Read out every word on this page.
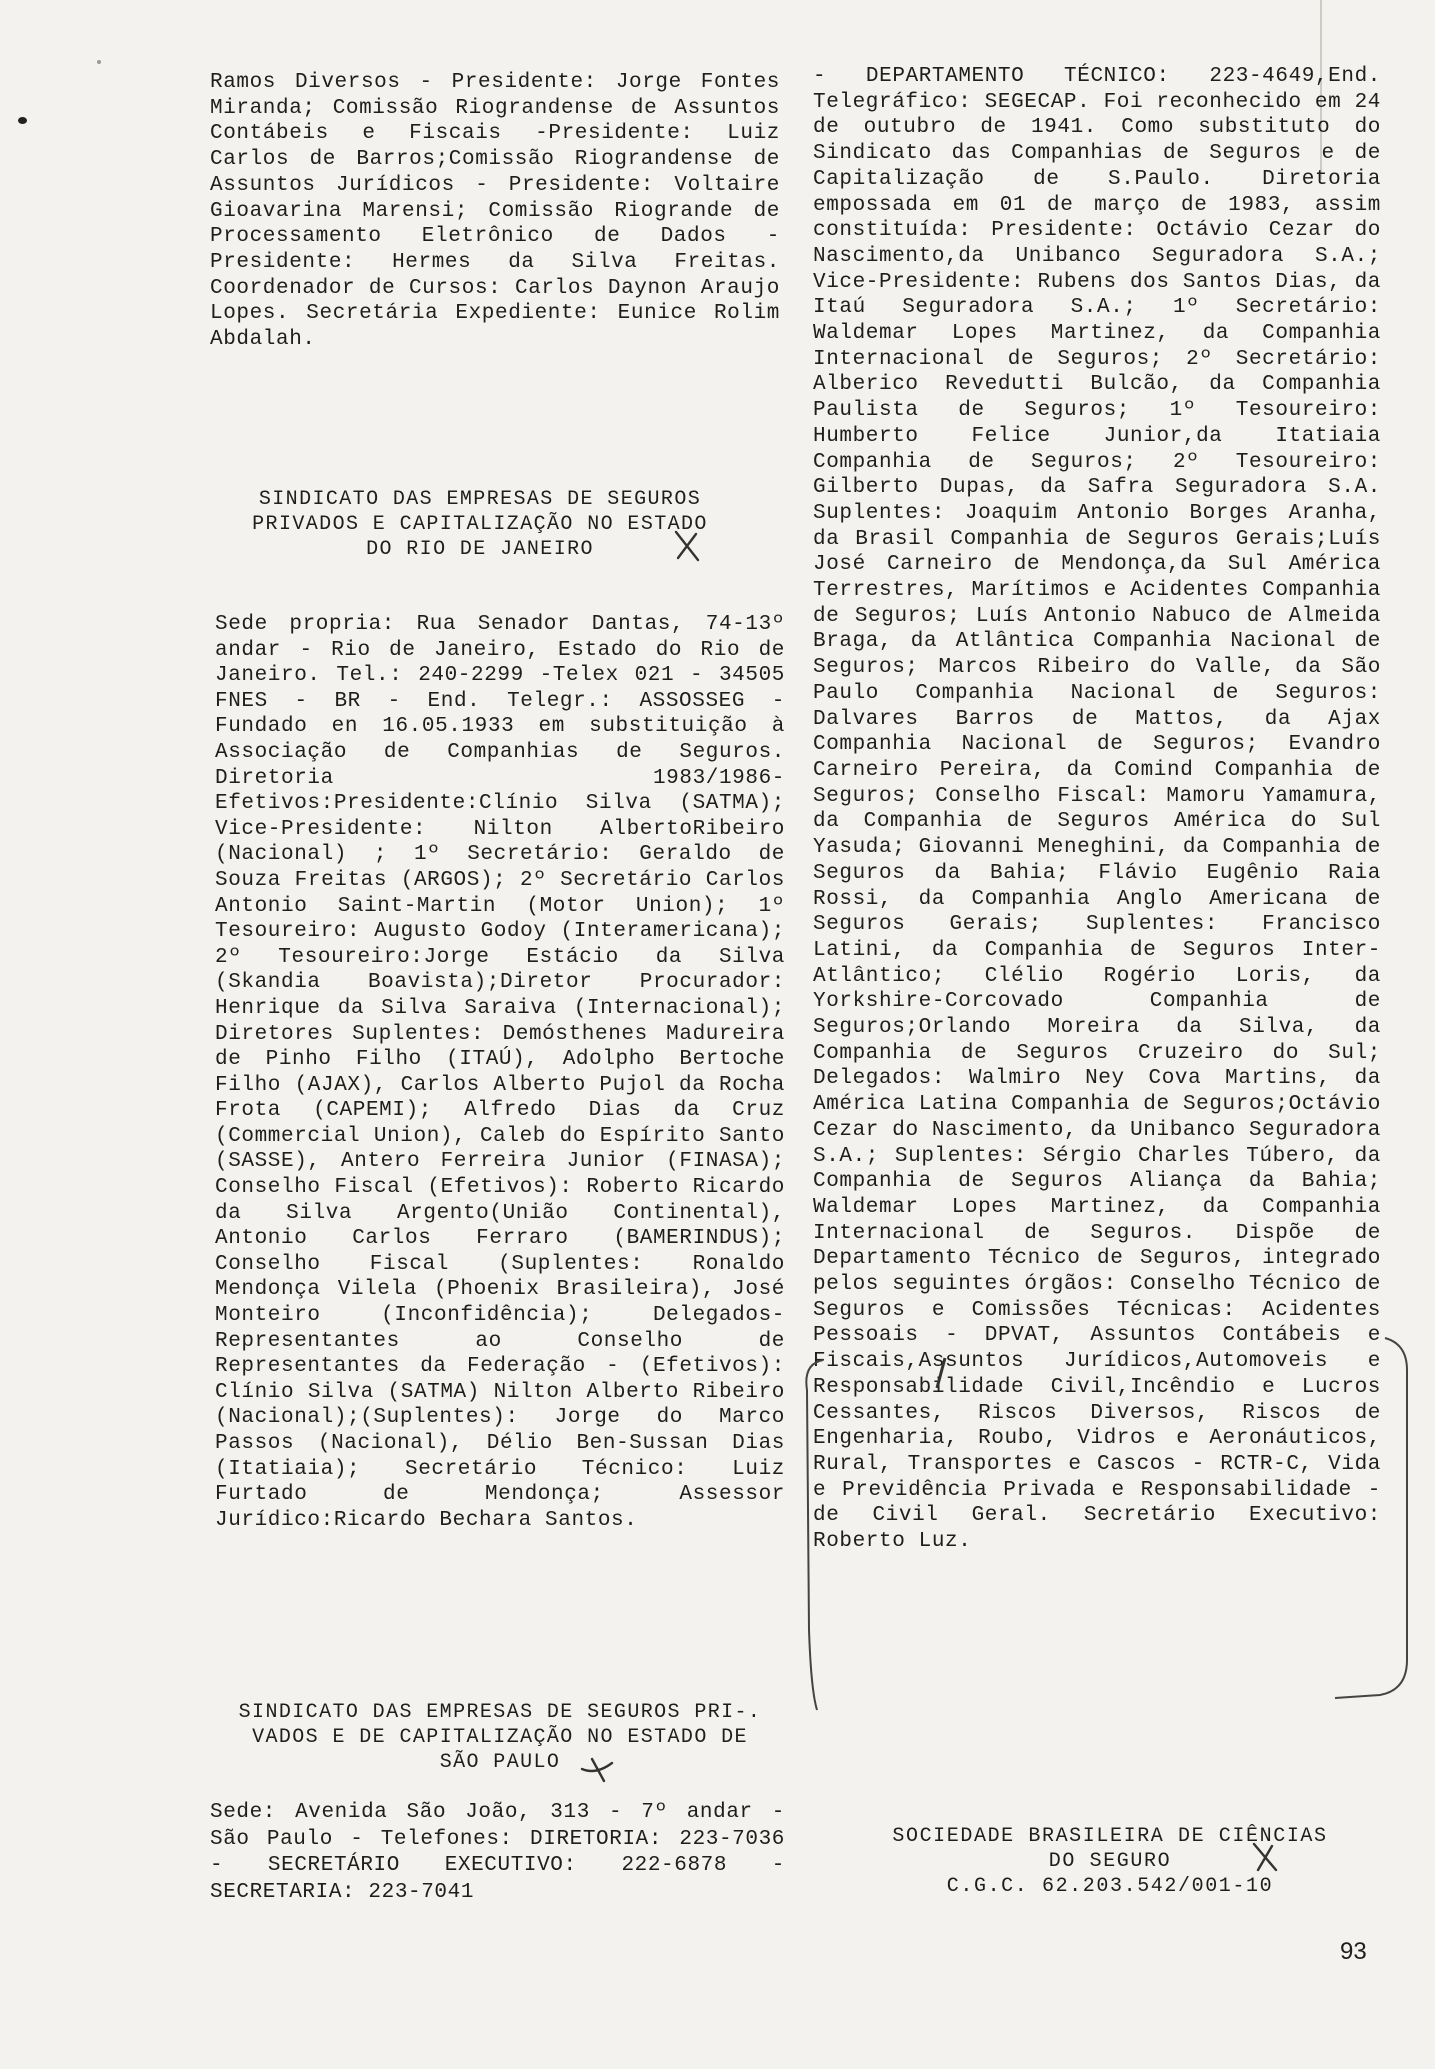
Ramos Diversos - Presidente: Jorge Fontes Miranda; Comissão Riograndense de Assuntos Contábeis e Fiscais -Presidente: Luiz Carlos de Barros;Comissão Riograndense de Assuntos Jurídicos - Presidente: Voltaire Gioavarina Marensi; Comissão Riogrande de Processamento Eletrônico de Dados - Presidente: Hermes da Silva Freitas. Coordenador de Cursos: Carlos Daynon Araujo Lopes. Secretária Expediente: Eunice Rolim Abdalah.

SINDICATO DAS EMPRESAS DE SEGUROS
PRIVADOS E CAPITALIZAÇÃO NO ESTADO
DO RIO DE JANEIRO

Sede propria: Rua Senador Dantas, 74-13º andar - Rio de Janeiro, Estado do Rio de Janeiro. Tel.: 240-2299 -Telex 021 - 34505 FNES - BR - End. Telegr.: ASSOSSEG - Fundado en 16.05.1933 em substituição à Associação de Companhias de Seguros. Diretoria 1983/1986-Efetivos:Presidente:Clínio Silva (SATMA); Vice-Presidente: Nilton AlbertoRibeiro (Nacional) ; 1º Secretário: Geraldo de Souza Freitas (ARGOS); 2º Secretário Carlos Antonio Saint-Martin (Motor Union); 1º Tesoureiro: Augusto Godoy (Interamericana); 2º Tesoureiro:Jorge Estácio da Silva (Skandia Boavista);Diretor Procurador: Henrique da Silva Saraiva (Internacional); Diretores Suplentes: Demósthenes Madureira de Pinho Filho (ITAÚ), Adolpho Bertoche Filho (AJAX), Carlos Alberto Pujol da Rocha Frota (CAPEMI); Alfredo Dias da Cruz (Commercial Union), Caleb do Espírito Santo (SASSE), Antero Ferreira Junior (FINASA); Conselho Fiscal (Efetivos): Roberto Ricardo da Silva Argento(União Continental), Antonio Carlos Ferraro (BAMERINDUS); Conselho Fiscal (Suplentes: Ronaldo Mendonça Vilela (Phoenix Brasileira), José Monteiro (Inconfidência); Delegados- Representantes ao Conselho de Representantes da Federação - (Efetivos): Clínio Silva (SATMA) Nilton Alberto Ribeiro (Nacional);(Suplentes): Jorge do Marco Passos (Nacional), Délio Ben-Sussan Dias (Itatiaia); Secretário Técnico: Luiz Furtado de Mendonça; Assessor Jurídico:Ricardo Bechara Santos.

SINDICATO DAS EMPRESAS DE SEGUROS PRI-.
VADOS E DE CAPITALIZAÇÃO NO ESTADO DE
SÃO PAULO

Sede: Avenida São João, 313 - 7º andar - São Paulo - Telefones: DIRETORIA: 223-7036 - SECRETÁRIO EXECUTIVO: 222-6878 - SECRETARIA: 223-7041

- DEPARTAMENTO TÉCNICO: 223-4649,End. Telegráfico: SEGECAP. Foi reconhecido em 24 de outubro de 1941. Como substituto do Sindicato das Companhias de Seguros e de Capitalização de S.Paulo. Diretoria empossada em 01 de março de 1983, assim constituída: Presidente: Octávio Cezar do Nascimento,da Unibanco Seguradora S.A.; Vice-Presidente: Rubens dos Santos Dias, da Itaú Seguradora S.A.; 1º Secretário: Waldemar Lopes Martinez, da Companhia Internacional de Seguros; 2º Secretário: Alberico Revedutti Bulcão, da Companhia Paulista de Seguros; 1º Tesoureiro: Humberto Felice Junior,da Itatiaia Companhia de Seguros; 2º Tesoureiro: Gilberto Dupas, da Safra Seguradora S.A. Suplentes: Joaquim Antonio Borges Aranha, da Brasil Companhia de Seguros Gerais;Luís José Carneiro de Mendonça,da Sul América Terrestres, Marítimos e Acidentes Companhia de Seguros; Luís Antonio Nabuco de Almeida Braga, da Atlântica Companhia Nacional de Seguros; Marcos Ribeiro do Valle, da São Paulo Companhia Nacional de Seguros: Dalvares Barros de Mattos, da Ajax Companhia Nacional de Seguros; Evandro Carneiro Pereira, da Comind Companhia de Seguros; Conselho Fiscal: Mamoru Yamamura, da Companhia de Seguros América do Sul Yasuda; Giovanni Meneghini, da Companhia de Seguros da Bahia; Flávio Eugênio Raia Rossi, da Companhia Anglo Americana de Seguros Gerais; Suplentes: Francisco Latini, da Companhia de Seguros Inter-Atlântico; Clélio Rogério Loris, da Yorkshire-Corcovado Companhia de Seguros;Orlando Moreira da Silva, da Companhia de Seguros Cruzeiro do Sul; Delegados: Walmiro Ney Cova Martins, da América Latina Companhia de Seguros;Octávio Cezar do Nascimento, da Unibanco Seguradora S.A.; Suplentes: Sérgio Charles Túbero, da Companhia de Seguros Aliança da Bahia; Waldemar Lopes Martinez, da Companhia Internacional de Seguros. Dispõe de Departamento Técnico de Seguros, integrado pelos seguintes órgãos: Conselho Técnico de Seguros e Comissões Técnicas: Acidentes Pessoais - DPVAT, Assuntos Contábeis e Fiscais,Assuntos Jurídicos,Automoveis e Responsabilidade Civil,Incêndio e Lucros Cessantes, Riscos Diversos, Riscos de Engenharia, Roubo, Vidros e Aeronáuticos, Rural, Transportes e Cascos - RCTR-C, Vida e Previdência Privada e Responsabilidade - de Civil Geral. Secretário Executivo: Roberto Luz.

SOCIEDADE BRASILEIRA DE CIÊNCIAS
DO SEGURO
C.G.C. 62.203.542/001-10
93
